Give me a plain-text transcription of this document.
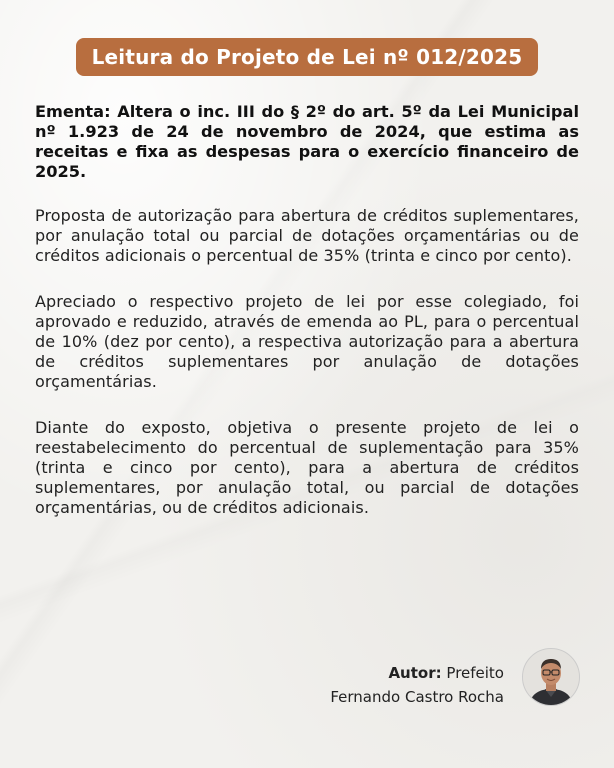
Leitura do Projeto de Lei nº 012/2025

Ementa: Altera o inc. III do § 2º do art. 5º da Lei Municipal nº 1.923 de 24 de novembro de 2024, que estima as receitas e fixa as despesas para o exercício financeiro de 2025.

Proposta de autorização para abertura de créditos suplementares, por anulação total ou parcial de dotações orçamentárias ou de créditos adicionais o percentual de 35% (trinta e cinco por cento).

Apreciado o respectivo projeto de lei por esse colegiado, foi aprovado e reduzido, através de emenda ao PL, para o percentual de 10% (dez por cento), a respectiva autorização para a abertura de créditos suplementares por anulação de dotações orçamentárias.

Diante do exposto, objetiva o presente projeto de lei o reestabelecimento do percentual de suplementação para 35% (trinta e cinco por cento), para a abertura de créditos suplementares, por anulação total, ou parcial de dotações orçamentárias, ou de créditos adicionais.

Autor: Prefeito
Fernando Castro Rocha
